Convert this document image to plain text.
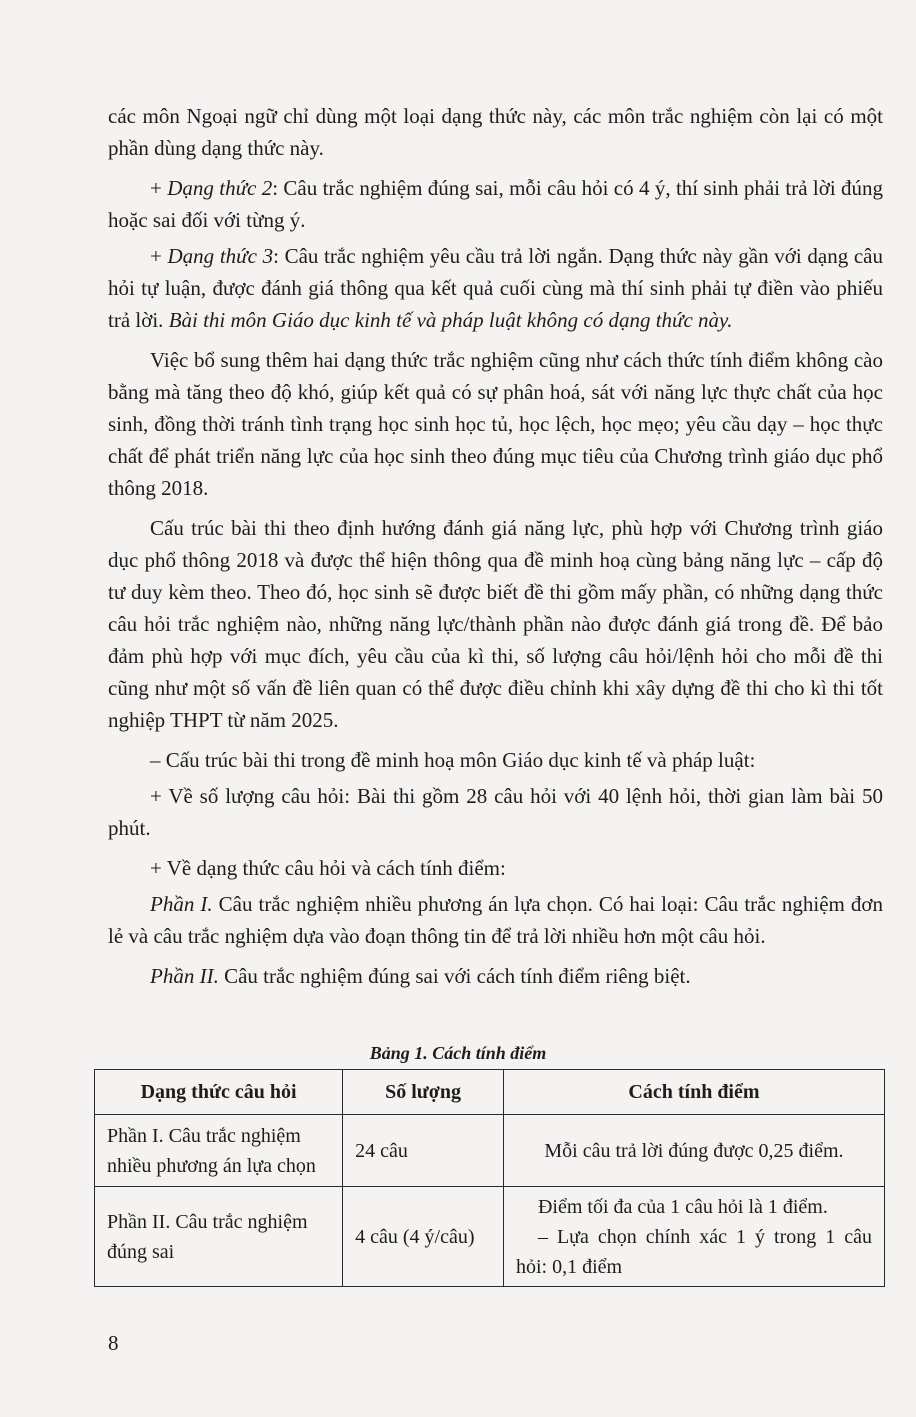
các môn Ngoại ngữ chỉ dùng một loại dạng thức này, các môn trắc nghiệm còn lại có một phần dùng dạng thức này.

+ Dạng thức 2: Câu trắc nghiệm đúng sai, mỗi câu hỏi có 4 ý, thí sinh phải trả lời đúng hoặc sai đối với từng ý.

+ Dạng thức 3: Câu trắc nghiệm yêu cầu trả lời ngắn. Dạng thức này gần với dạng câu hỏi tự luận, được đánh giá thông qua kết quả cuối cùng mà thí sinh phải tự điền vào phiếu trả lời. Bài thi môn Giáo dục kinh tế và pháp luật không có dạng thức này.

Việc bổ sung thêm hai dạng thức trắc nghiệm cũng như cách thức tính điểm không cào bằng mà tăng theo độ khó, giúp kết quả có sự phân hoá, sát với năng lực thực chất của học sinh, đồng thời tránh tình trạng học sinh học tủ, học lệch, học mẹo; yêu cầu dạy – học thực chất để phát triển năng lực của học sinh theo đúng mục tiêu của Chương trình giáo dục phổ thông 2018.

Cấu trúc bài thi theo định hướng đánh giá năng lực, phù hợp với Chương trình giáo dục phổ thông 2018 và được thể hiện thông qua đề minh hoạ cùng bảng năng lực – cấp độ tư duy kèm theo. Theo đó, học sinh sẽ được biết đề thi gồm mấy phần, có những dạng thức câu hỏi trắc nghiệm nào, những năng lực/thành phần nào được đánh giá trong đề. Để bảo đảm phù hợp với mục đích, yêu cầu của kì thi, số lượng câu hỏi/lệnh hỏi cho mỗi đề thi cũng như một số vấn đề liên quan có thể được điều chỉnh khi xây dựng đề thi cho kì thi tốt nghiệp THPT từ năm 2025.

– Cấu trúc bài thi trong đề minh hoạ môn Giáo dục kinh tế và pháp luật:

+ Về số lượng câu hỏi: Bài thi gồm 28 câu hỏi với 40 lệnh hỏi, thời gian làm bài 50 phút.

+ Về dạng thức câu hỏi và cách tính điểm:

Phần I. Câu trắc nghiệm nhiều phương án lựa chọn. Có hai loại: Câu trắc nghiệm đơn lẻ và câu trắc nghiệm dựa vào đoạn thông tin để trả lời nhiều hơn một câu hỏi.

Phần II. Câu trắc nghiệm đúng sai với cách tính điểm riêng biệt.

Bảng 1. Cách tính điểm
Dạng thức câu hỏi	Số lượng	Cách tính điểm
Phần I. Câu trắc nghiệm nhiều phương án lựa chọn	24 câu	Mỗi câu trả lời đúng được 0,25 điểm.
Phần II. Câu trắc nghiệm đúng sai	4 câu (4 ý/câu)	Điểm tối đa của 1 câu hỏi là 1 điểm.
– Lựa chọn chính xác 1 ý trong 1 câu hỏi: 0,1 điểm
8
